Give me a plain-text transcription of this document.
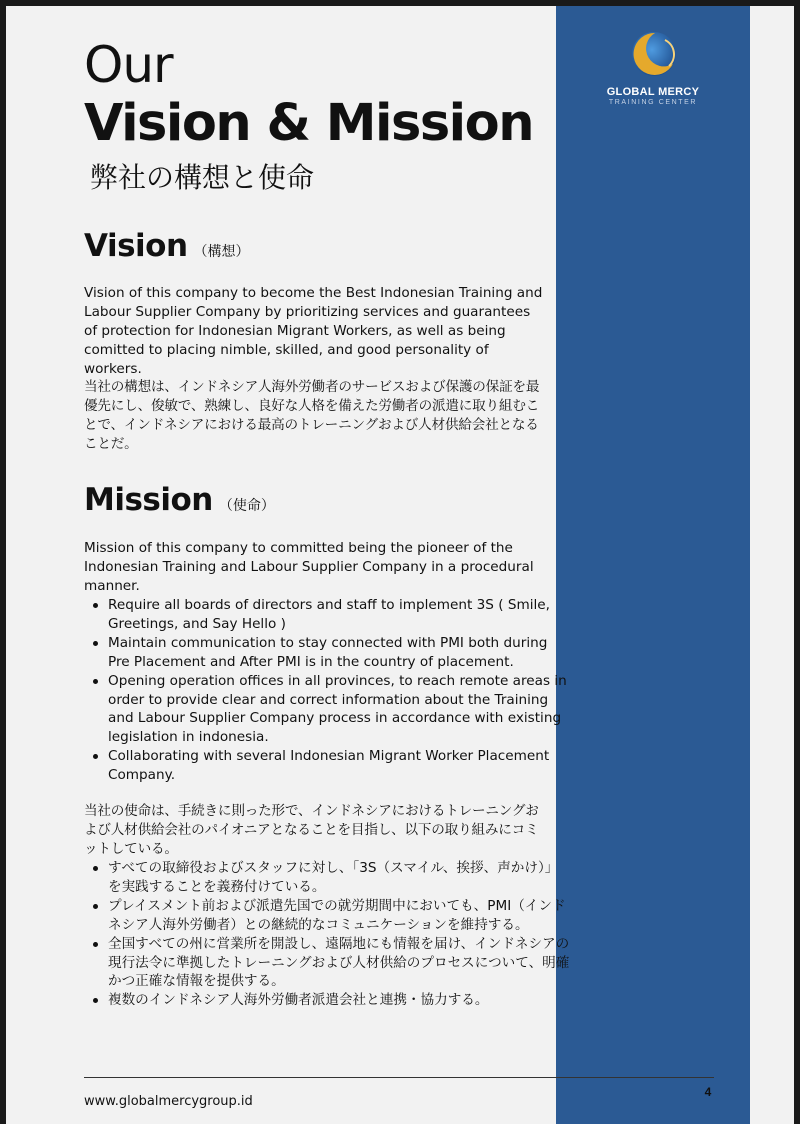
GLOBAL MERCY
TRAINING CENTER
Our
Vision & Mission
弊社の構想と使命
Vision （構想）

Vision of this company to become the Best Indonesian Training and Labour Supplier Company by prioritizing services and guarantees of protection for Indonesian Migrant Workers, as well as being comitted to placing nimble, skilled, and good personality of workers.

当社の構想は、インドネシア人海外労働者のサービスおよび保護の保証を最優先にし、俊敏で、熟練し、良好な人格を備えた労働者の派遣に取り組むことで、インドネシアにおける最高のトレーニングおよび人材供給会社となることだ。

Mission （使命）

Mission of this company to committed being the pioneer of the Indonesian Training and Labour Supplier Company in a procedural manner.

Require all boards of directors and staff to implement 3S ( Smile, Greetings, and Say Hello )
Maintain communication to stay connected with PMI both during Pre Placement and After PMI is in the country of placement.
Opening operation offices in all provinces, to reach remote areas in order to provide clear and correct information about the Training and Labour Supplier Company process in accordance with existing legislation in indonesia.
Collaborating with several Indonesian Migrant Worker Placement Company.

当社の使命は、手続きに則った形で、インドネシアにおけるトレーニングおよび人材供給会社のパイオニアとなることを目指し、以下の取り組みにコミットしている。

すべての取締役およびスタッフに対し、「3S（スマイル、挨拶、声かけ）」を実践することを義務付けている。
プレイスメント前および派遣先国での就労期間中においても、PMI（インドネシア人海外労働者）との継続的なコミュニケーションを維持する。
全国すべての州に営業所を開設し、遠隔地にも情報を届け、インドネシアの現行法令に準拠したトレーニングおよび人材供給のプロセスについて、明確かつ正確な情報を提供する。
複数のインドネシア人海外労働者派遣会社と連携・協力する。
www.globalmercygroup.id
4
